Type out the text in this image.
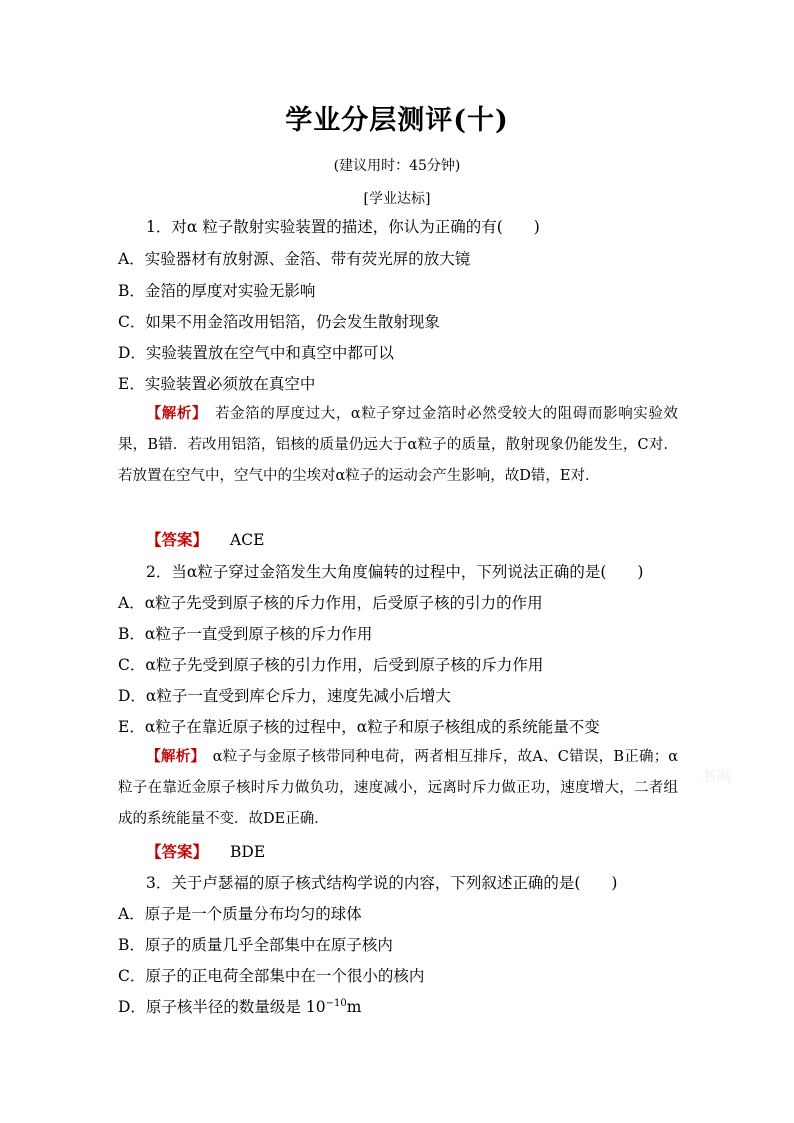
学业分层测评(十)
(建议用时：45分钟)
[学业达标]
1．对α 粒子散射实验装置的描述，你认为正确的有(　　)
A．实验器材有放射源、金箔、带有荧光屏的放大镜
B．金箔的厚度对实验无影响
C．如果不用金箔改用铝箔，仍会发生散射现象
D．实验装置放在空气中和真空中都可以
E．实验装置必须放在真空中
【解析】　 若金箔的厚度过大，α粒子穿过金箔时必然受较大的阻碍而影响实验效果，B错．若改用铝箔，铝核的质量仍远大于α粒子的质量，散射现象仍能发生，C对．若放置在空气中，空气中的尘埃对α粒子的运动会产生影响，故D错，E对．
【答案】 ACE
2．当α粒子穿过金箔发生大角度偏转的过程中，下列说法正确的是(　　)
A．α粒子先受到原子核的斥力作用，后受原子核的引力的作用
B．α粒子一直受到原子核的斥力作用
C．α粒子先受到原子核的引力作用，后受到原子核的斥力作用
D．α粒子一直受到库仑斥力，速度先减小后增大
E．α粒子在靠近原子核的过程中，α粒子和原子核组成的系统能量不变
【解析】　 α粒子与金原子核带同种电荷，两者相互排斥，故A、C错误，B正确；α粒子在靠近金原子核时斥力做负功，速度减小，远离时斥力做正功，速度增大，二者组成的系统能量不变．故DE正确．
【答案】 BDE
3．关于卢瑟福的原子核式结构学说的内容，下列叙述正确的是(　　)
A．原子是一个质量分布均匀的球体
B．原子的质量几乎全部集中在原子核内
C．原子的正电荷全部集中在一个很小的核内
D．原子核半径的数量级是 $10^{-10}m$
书网
